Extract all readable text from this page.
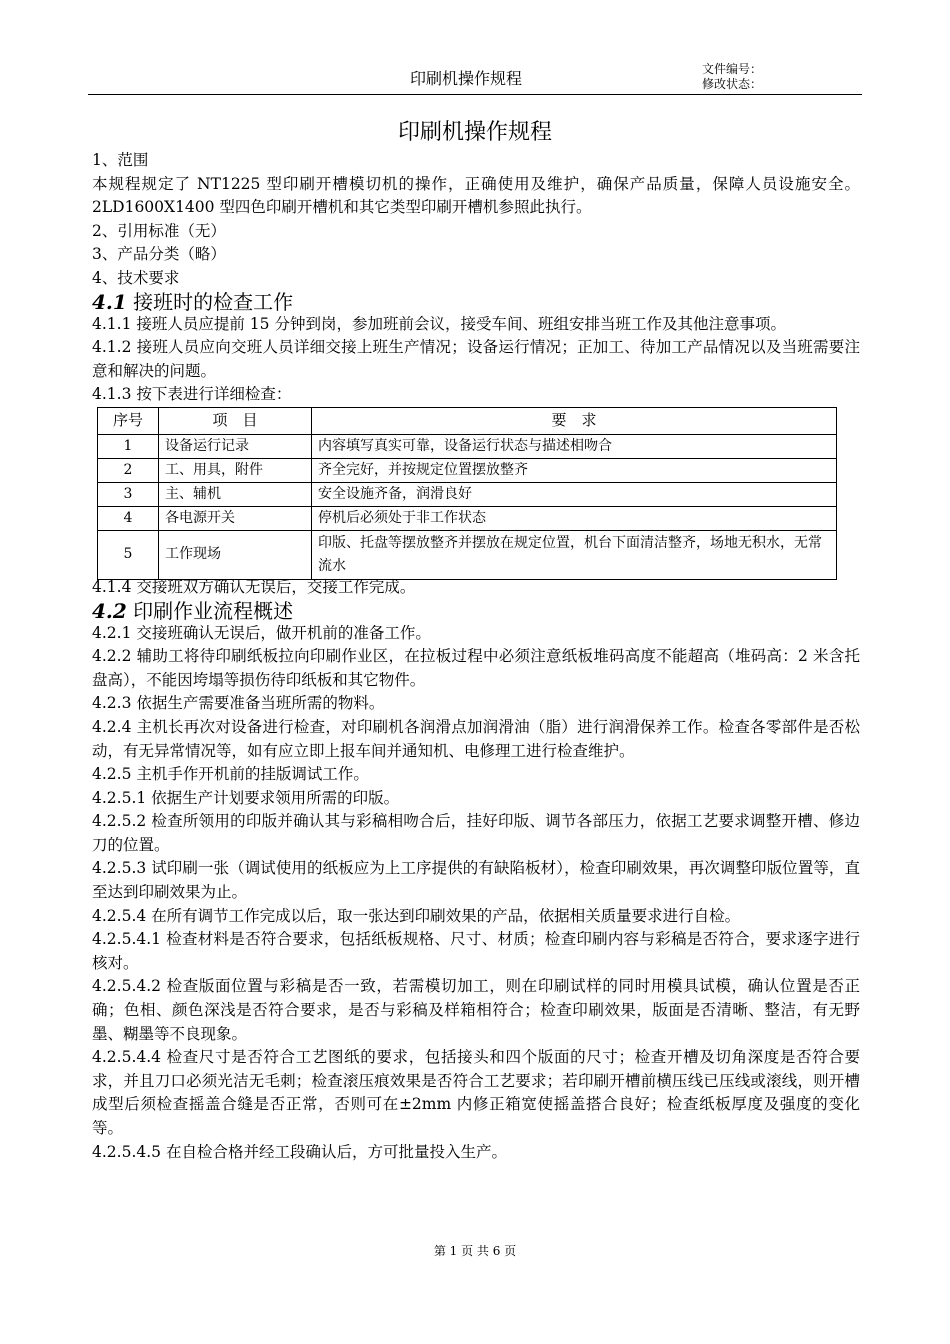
印刷机操作规程	文件编号：
修改状态：
印刷机操作规程

1、范围

本规程规定了 NT1225 型印刷开槽模切机的操作，正确使用及维护，确保产品质量，保障人员设施安全。2LD1600X1400 型四色印刷开槽机和其它类型印刷开槽机参照此执行。

2、引用标准（无）

3、产品分类（略）

4、技术要求

4.1 接班时的检查工作

4.1.1 接班人员应提前 15 分钟到岗，参加班前会议，接受车间、班组安排当班工作及其他注意事项。

4.1.2 接班人员应向交班人员详细交接上班生产情况；设备运行情况；正加工、待加工产品情况以及当班需要注意和解决的问题。

4.1.3 按下表进行详细检查：

序号	项　目	要　求
1	设备运行记录	内容填写真实可靠，设备运行状态与描述相吻合
2	工、用具，附件	齐全完好，并按规定位置摆放整齐
3	主、辅机	安全设施齐备，润滑良好
4	各电源开关	停机后必须处于非工作状态
5	工作现场	印版、托盘等摆放整齐并摆放在规定位置，机台下面清洁整齐，场地无积水，无常流水

4.1.4 交接班双方确认无误后，交接工作完成。

4.2 印刷作业流程概述

4.2.1 交接班确认无误后，做开机前的准备工作。

4.2.2 辅助工将待印刷纸板拉向印刷作业区，在拉板过程中必须注意纸板堆码高度不能超高（堆码高：2 米含托盘高），不能因垮塌等损伤待印纸板和其它物件。

4.2.3 依据生产需要准备当班所需的物料。

4.2.4 主机长再次对设备进行检查，对印刷机各润滑点加润滑油（脂）进行润滑保养工作。检查各零部件是否松动，有无异常情况等，如有应立即上报车间并通知机、电修理工进行检查维护。

4.2.5 主机手作开机前的挂版调试工作。

4.2.5.1 依据生产计划要求领用所需的印版。

4.2.5.2 检查所领用的印版并确认其与彩稿相吻合后，挂好印版、调节各部压力，依据工艺要求调整开槽、修边刀的位置。

4.2.5.3 试印刷一张（调试使用的纸板应为上工序提供的有缺陷板材），检查印刷效果，再次调整印版位置等，直至达到印刷效果为止。

4.2.5.4 在所有调节工作完成以后，取一张达到印刷效果的产品，依据相关质量要求进行自检。

4.2.5.4.1 检查材料是否符合要求，包括纸板规格、尺寸、材质；检查印刷内容与彩稿是否符合，要求逐字进行核对。

4.2.5.4.2 检查版面位置与彩稿是否一致，若需模切加工，则在印刷试样的同时用模具试模，确认位置是否正确；色相、颜色深浅是否符合要求，是否与彩稿及样箱相符合；检查印刷效果，版面是否清晰、整洁，有无野墨、糊墨等不良现象。

4.2.5.4.4 检查尺寸是否符合工艺图纸的要求，包括接头和四个版面的尺寸；检查开槽及切角深度是否符合要求，并且刀口必须光洁无毛刺；检查滚压痕效果是否符合工艺要求；若印刷开槽前横压线已压线或滚线，则开槽成型后须检查摇盖合缝是否正常，否则可在±2mm 内修正箱宽使摇盖搭合良好；检查纸板厚度及强度的变化等。

4.2.5.4.5 在自检合格并经工段确认后，方可批量投入生产。

第 1 页 共 6 页
